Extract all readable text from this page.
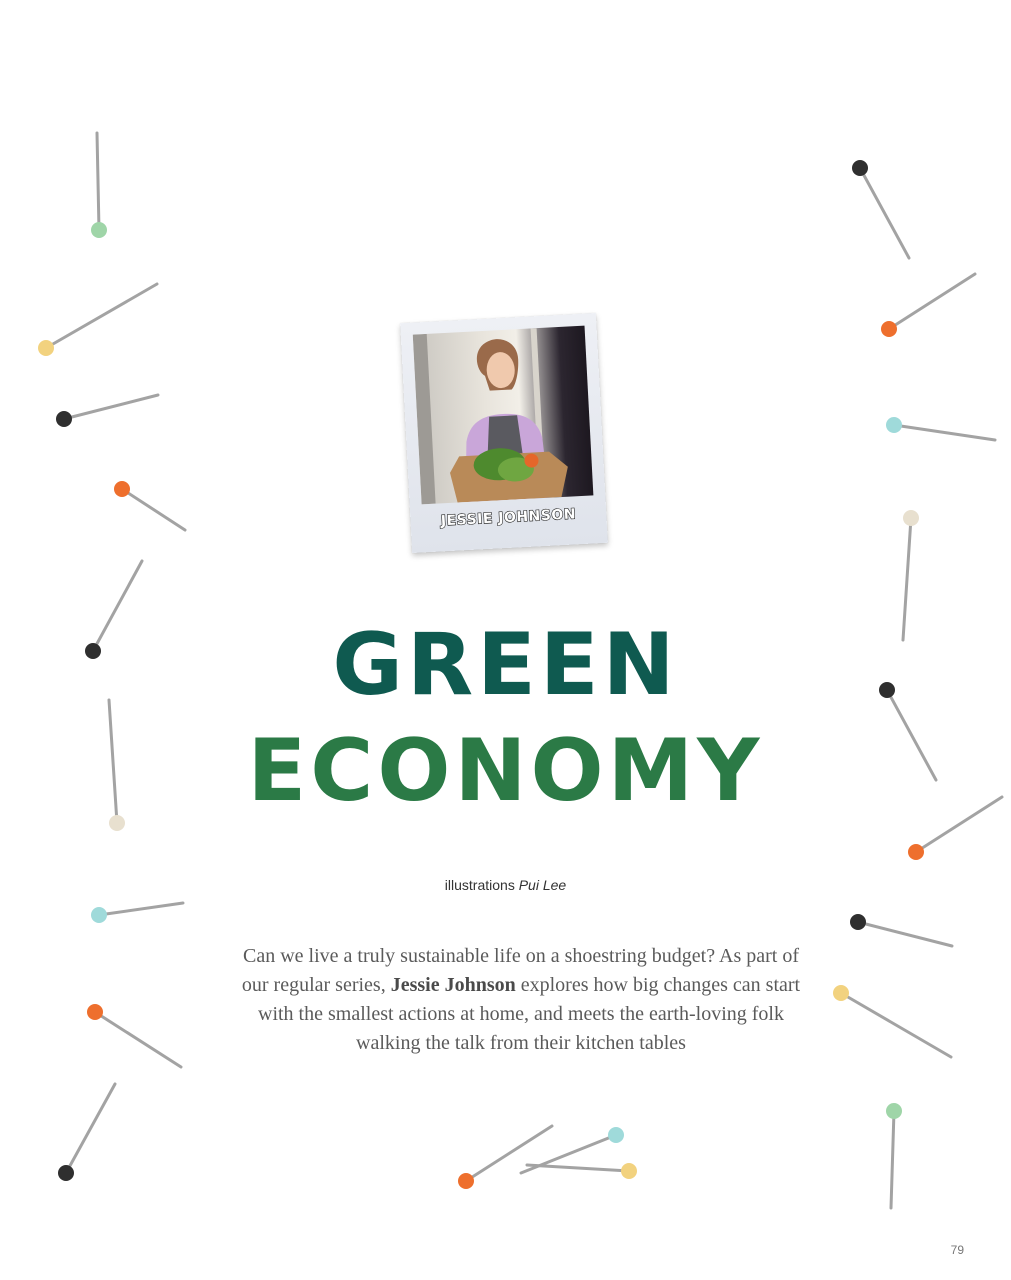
JESSIE JOHNSON
GREEN
ECONOMY
illustrations Pui Lee

Can we live a truly sustainable life on a shoestring budget? As part of our regular series, Jessie Johnson explores how big changes can start with the smallest actions at home, and meets the earth-loving folk walking the talk from their kitchen tables

79
